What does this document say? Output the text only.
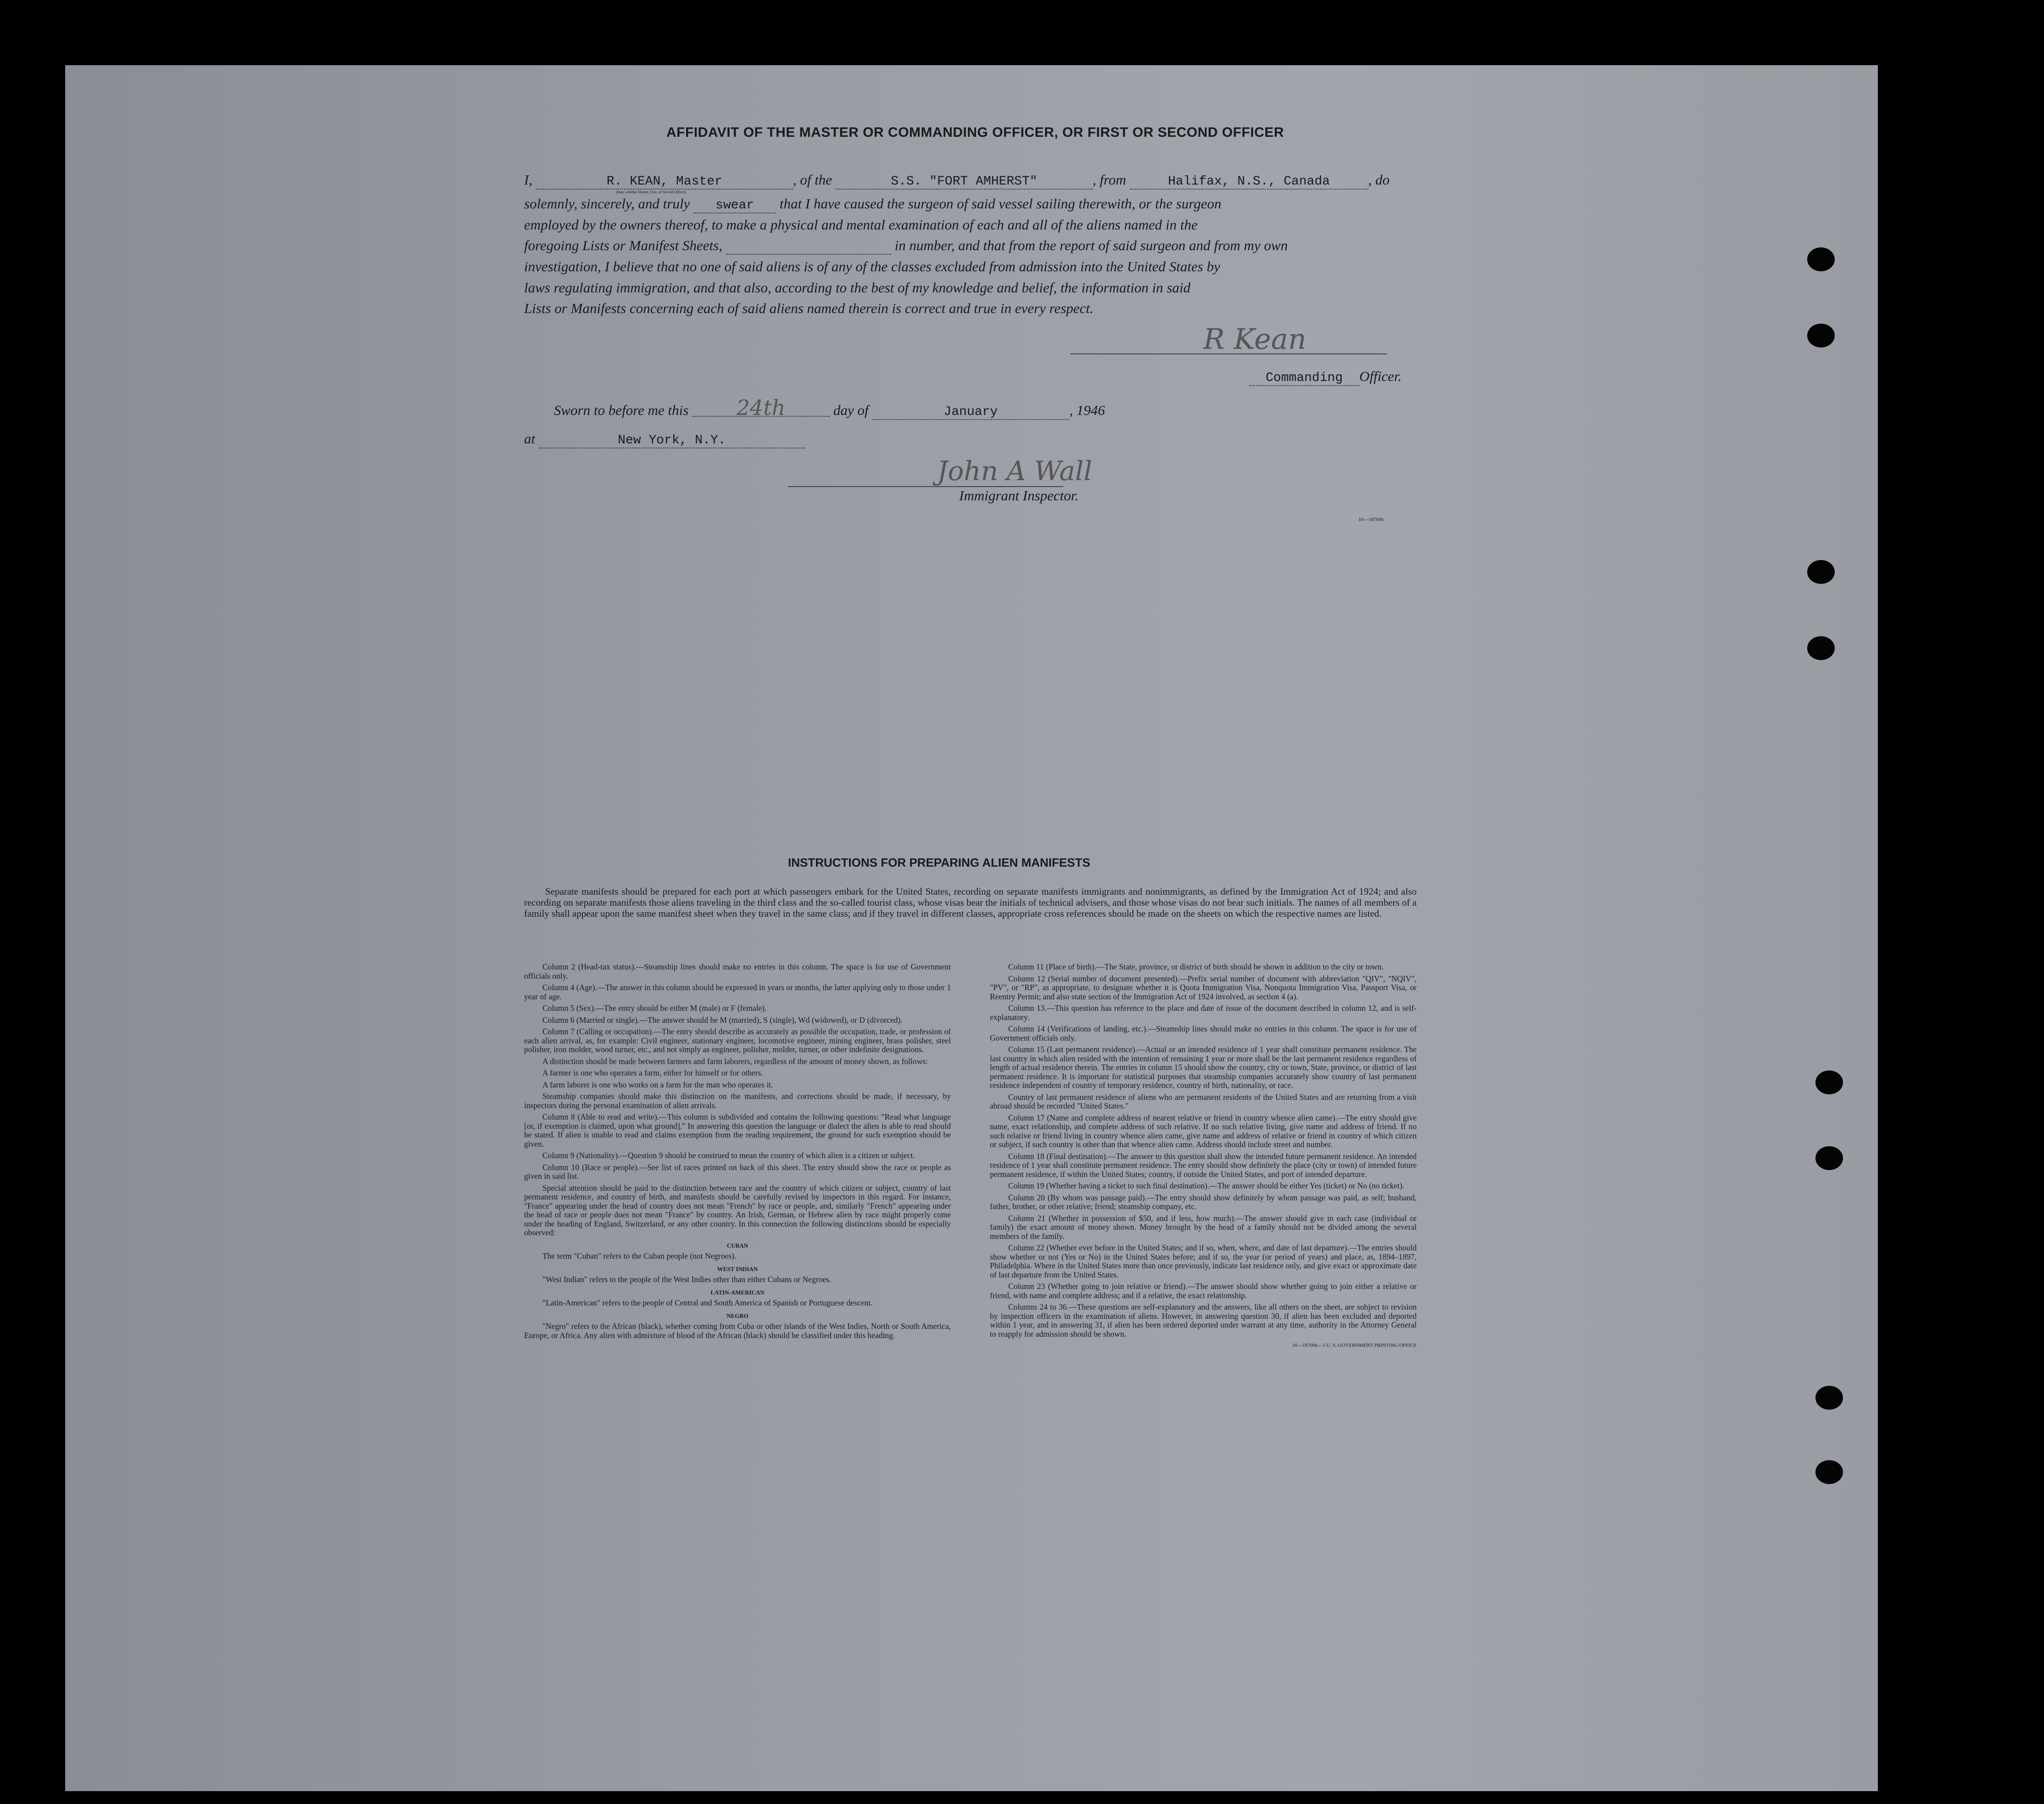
AFFIDAVIT OF THE MASTER OR COMMANDING OFFICER, OR FIRST OR SECOND OFFICER
I,	R. KEAN, Master	, of the	S.S. "FORT AMHERST"	, from	Halifax, N.S., Canada	, do
(State whether Master, First, or Second Officer)
solemnly, sincerely, and truly swear that I have caused the surgeon of said vessel sailing therewith, or the surgeon
employed by the owners thereof, to make a physical and mental examination of each and all of the aliens named in the
foregoing Lists or Manifest Sheets,	in number, and that from the report of said surgeon and from my own
investigation, I believe that no one of said aliens is of any of the classes excluded from admission into the United States by
laws regulating immigration, and that also, according to the best of my knowledge and belief, the information in said
Lists or Manifests concerning each of said aliens named therein is correct and true in every respect.
R Kean
Commanding Officer.
Sworn to before me this 24th	day of	January	, 1946
at	New York, N.Y.
John A Wall
Immigrant Inspector.
10—18700b
INSTRUCTIONS FOR PREPARING ALIEN MANIFESTS
Separate manifests should be prepared for each port at which passengers embark for the United States, recording on separate manifests immigrants and nonimmigrants, as defined by the Immigration Act of 1924; and also recording on separate manifests those aliens traveling in the third class and the so-called tourist class, whose visas bear the initials of technical advisers, and those whose visas do not bear such initials. The names of all members of a family shall appear upon the same manifest sheet when they travel in the same class; and if they travel in different classes, appropriate cross references should be made on the sheets on which the respective names are listed.

Column 2 (Head-tax status).—Steamship lines should make no entries in this column. The space is for use of Government officials only.

Column 4 (Age).—The answer in this column should be expressed in years or months, the latter applying only to those under 1 year of age.

Column 5 (Sex).—The entry should be either M (male) or F (female).

Column 6 (Married or single).—The answer should be M (married), S (single), Wd (widowed), or D (divorced).

Column 7 (Calling or occupation).—The entry should describe as accurately as possible the occupation, trade, or profession of each alien arrival, as, for example: Civil engineer, stationary engineer, locomotive engineer, mining engineer, brass polisher, steel polisher, iron molder, wood turner, etc., and not simply as engineer, polisher, molder, turner, or other indefinite designations.

A distinction should be made between farmers and farm laborers, regardless of the amount of money shown, as follows:

A farmer is one who operates a farm, either for himself or for others.

A farm laborer is one who works on a farm for the man who operates it.

Steamship companies should make this distinction on the manifests, and corrections should be made, if necessary, by inspectors during the personal examination of alien arrivals.

Column 8 (Able to read and write).—This column is subdivided and contains the following questions: "Read what language [or, if exemption is claimed, upon what ground]." In answering this question the language or dialect the alien is able to read should be stated. If alien is unable to read and claims exemption from the reading requirement, the ground for such exemption should be given.

Column 9 (Nationality).—Question 9 should be construed to mean the country of which alien is a citizen or subject.

Column 10 (Race or people).—See list of races printed on back of this sheet. The entry should show the race or people as given in said list.

Special attention should be paid to the distinction between race and the country of which citizen or subject, country of last permanent residence, and country of birth, and manifests should be carefully revised by inspectors in this regard. For instance, "France" appearing under the head of country does not mean "French" by race or people, and, similarly "French" appearing under the head of race or people does not mean "France" by country. An Irish, German, or Hebrew alien by race might properly come under the heading of England, Switzerland, or any other country. In this connection the following distinctions should be especially observed:

CUBAN

The term "Cuban" refers to the Cuban people (not Negroes).

WEST INDIAN

"West Indian" refers to the people of the West Indies other than either Cubans or Negroes.

LATIN-AMERICAN

"Latin-American" refers to the people of Central and South America of Spanish or Portuguese descent.

NEGRO

"Negro" refers to the African (black), whether coming from Cuba or other islands of the West Indies, North or South America, Europe, or Africa. Any alien with admixture of blood of the African (black) should be classified under this heading.

Column 11 (Place of birth).—The State, province, or district of birth should be shown in addition to the city or town.

Column 12 (Serial number of document presented).—Prefix serial number of document with abbreviation "QIV", "NQIV", "PV", or "RP", as appropriate, to designate whether it is Quota Immigration Visa, Nonquota Immigration Visa, Passport Visa, or Reentry Permit; and also state section of the Immigration Act of 1924 involved, as section 4 (a).

Column 13.—This question has reference to the place and date of issue of the document described in column 12, and is self-explanatory.

Column 14 (Verifications of landing, etc.).—Steamship lines should make no entries in this column. The space is for use of Government officials only.

Column 15 (Last permanent residence).—Actual or an intended residence of 1 year shall constitute permanent residence. The last country in which alien resided with the intention of remaining 1 year or more shall be the last permanent residence regardless of length of actual residence therein. The entries in column 15 should show the country, city or town, State, province, or district of last permanent residence. It is important for statistical purposes that steamship companies accurately show country of last permanent residence independent of country of temporary residence, country of birth, nationality, or race.

Country of last permanent residence of aliens who are permanent residents of the United States and are returning from a visit abroad should be recorded "United States."

Column 17 (Name and complete address of nearest relative or friend in country whence alien came).—The entry should give name, exact relationship, and complete address of such relative. If no such relative living, give name and address of friend. If no such relative or friend living in country whence alien came, give name and address of relative or friend in country of which citizen or subject, if such country is other than that whence alien came. Address should include street and number.

Column 18 (Final destination).—The answer to this question shall show the intended future permanent residence. An intended residence of 1 year shall constitute permanent residence. The entry should show definitely the place (city or town) of intended future permanent residence, if within the United States; country, if outside the United States, and port of intended departure.

Column 19 (Whether having a ticket to such final destination).—The answer should be either Yes (ticket) or No (no ticket).

Column 20 (By whom was passage paid).—The entry should show definitely by whom passage was paid, as self; husband, father, brother, or other relative; friend; steamship company, etc.

Column 21 (Whether in possession of $50, and if less, how much).—The answer should give in each case (individual or family) the exact amount of money shown. Money brought by the head of a family should not be divided among the several members of the family.

Column 22 (Whether ever before in the United States; and if so, when, where, and date of last departure).—The entries should show whether or not (Yes or No) in the United States before; and if so, the year (or period of years) and place, as, 1894–1897, Philadelphia. Where in the United States more than once previously, indicate last residence only, and give exact or approximate date of last departure from the United States.

Column 23 (Whether going to join relative or friend).—The answer should show whether going to join either a relative or friend, with name and complete address; and if a relative, the exact relationship.

Columns 24 to 36.—These questions are self-explanatory and the answers, like all others on the sheet, are subject to revision by inspection officers in the examination of aliens. However, in answering question 30, if alien has been excluded and deported within 1 year, and in answering 31, if alien has been ordered deported under warrant at any time, authority in the Attorney General to reapply for admission should be shown.

10—18700b—1 U. S. GOVERNMENT PRINTING OFFICE
